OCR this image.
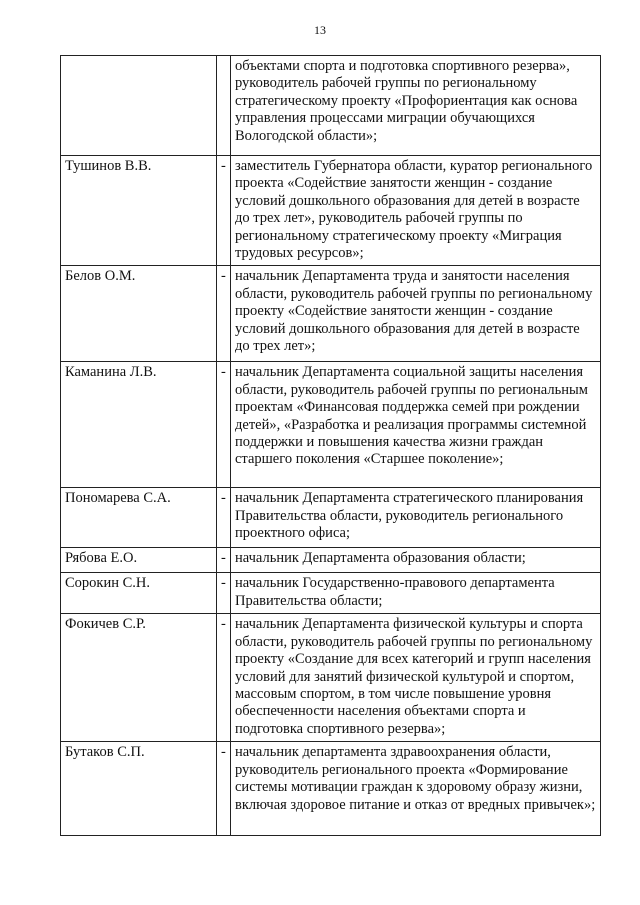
13
		объектами спорта и подготовка спортивного резерва», руководитель рабочей группы по региональному стратегическому проекту «Профориентация как основа управления процессами миграции обучающихся Вологодской области»;
Тушинов В.В.	-	заместитель Губернатора области, куратор регионального проекта «Содействие занятости женщин - создание условий дошкольного образования для детей в возрасте до трех лет», руководитель рабочей группы по региональному стратегическому проекту «Миграция трудовых ресурсов»;
Белов О.М.	-	начальник Департамента труда и занятости населения области, руководитель рабочей группы по региональному проекту «Содействие занятости женщин - создание условий дошкольного образования для детей в возрасте до трех лет»;
Каманина Л.В.	-	начальник Департамента социальной защиты населения области, руководитель рабочей группы по региональным проектам «Финансовая поддержка семей при рождении детей», «Разработка и реализация программы системной поддержки и повышения качества жизни граждан старшего поколения «Старшее поколение»;
Пономарева С.А.	-	начальник Департамента стратегического планирования Правительства области, руководитель регионального проектного офиса;
Рябова Е.О.	-	начальник Департамента образования области;
Сорокин С.Н.	-	начальник Государственно-правового департамента Правительства области;
Фокичев С.Р.	-	начальник Департамента физической культуры и спорта области, руководитель рабочей группы по региональному проекту «Создание для всех категорий и групп населения условий для занятий физической культурой и спортом, массовым спортом, в том числе повышение уровня обеспеченности населения объектами спорта и подготовка спортивного резерва»;
Бутаков С.П.	-	начальник департамента здравоохранения области, руководитель регионального проекта «Формирование системы мотивации граждан к здоровому образу жизни, включая здоровое питание и отказ от вредных привычек»;
